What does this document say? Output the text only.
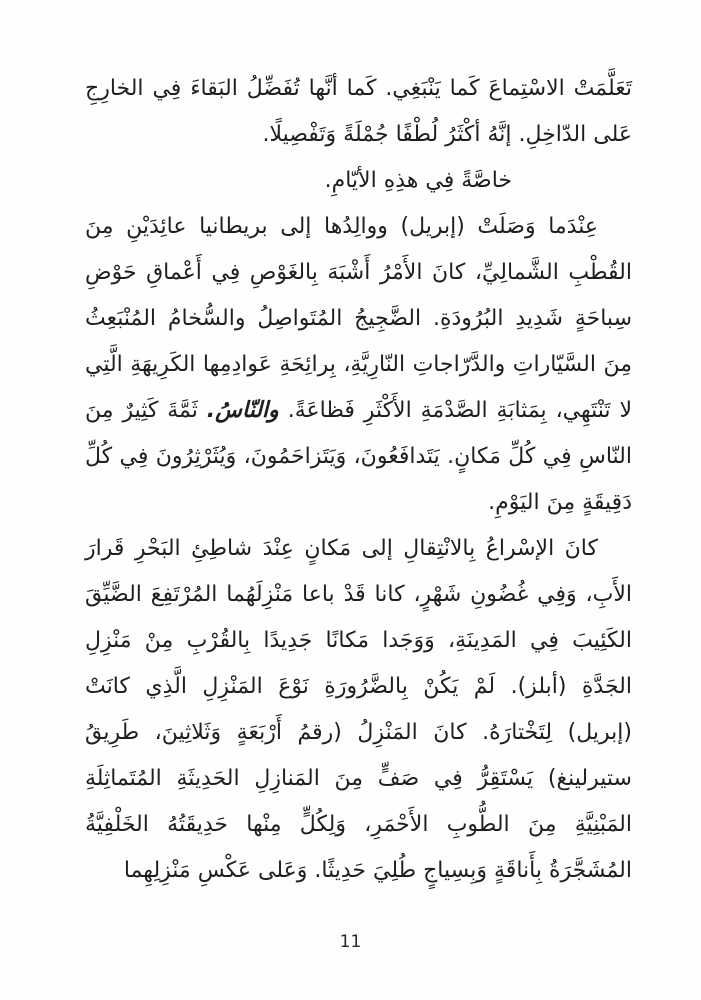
تَعَلَّمَتْ الاسْتِماعَ كَما يَنْبَغِي. كَما أنَّها تُفَضِّلُ البَقاءَ فِي الخارِجِ عَلى الدّاخِلِ. إنَّهُ أكْثَرُ لُطْفًا جُمْلَةً وَتَفْصِيلًا.

خاصَّةً فِي هذِهِ الأيّامِ.

عِنْدَما وَصَلَتْ (إبريل) ووالِدُها إلى بريطانيا عائِدَيْنِ مِنَ القُطْبِ الشَّمالِيِّ، كانَ الأَمْرُ أَشْبَهَ بِالغَوْصِ فِي أَعْماقِ حَوْضِ سِباحَةٍ شَدِيدِ البُرُودَةِ. الضَّجِيجُ المُتَواصِلُ والسُّخامُ المُنْبَعِثُ مِنَ السَّيّاراتِ والدَّرّاجاتِ النّارِيَّةِ، بِرائِحَةِ عَوادِمِها الكَرِيهَةِ الَّتِي لا تَنْتَهِي، بِمَثابَةِ الصَّدْمَةِ الأَكْثَرِ فَظاعَةً. والنّاسُ. ثَمَّةَ كَثِيرٌ مِنَ النّاسِ فِي كُلِّ مَكانٍ. يَتَدافَعُونَ، وَيَتَزاحَمُونَ، وَيُثَرْثِرُونَ فِي كُلِّ دَقِيقَةٍ مِنَ اليَوْمِ.

كانَ الإسْراعُ بِالانْتِقالِ إلى مَكانٍ عِنْدَ شاطِئِ البَحْرِ قَرارَ الأَبِ، وَفِي غُضُونِ شَهْرٍ، كانا قَدْ باعا مَنْزِلَهُما المُرْتَفِعَ الضَّيِّقَ الكَئِيبَ فِي المَدِينَةِ، وَوَجَدا مَكانًا جَدِيدًا بِالقُرْبِ مِنْ مَنْزِلِ الجَدَّةِ (أبلز). لَمْ يَكُنْ بِالضَّرُورَةِ نَوْعَ المَنْزِلِ الَّذِي كانَتْ (إبريل) لِتَخْتارَهُ. كانَ المَنْزِلُ (رقمُ أَرْبَعَةٍ وَثَلاثِينَ، طَرِيقُ ستيرلينغ) يَسْتَقِرُّ فِي صَفٍّ مِنَ المَنازِلِ الحَدِيثَةِ المُتَماثِلَةِ المَبْنِيَّةِ مِنَ الطُّوبِ الأَحْمَرِ، وَلِكُلٍّ مِنْها حَدِيقَتُهُ الخَلْفِيَّةُ المُشَجَّرَةُ بِأَناقَةٍ وَبِسِياجٍ طُلِيَ حَدِيثًا. وَعَلى عَكْسِ مَنْزِلِهِما

11
